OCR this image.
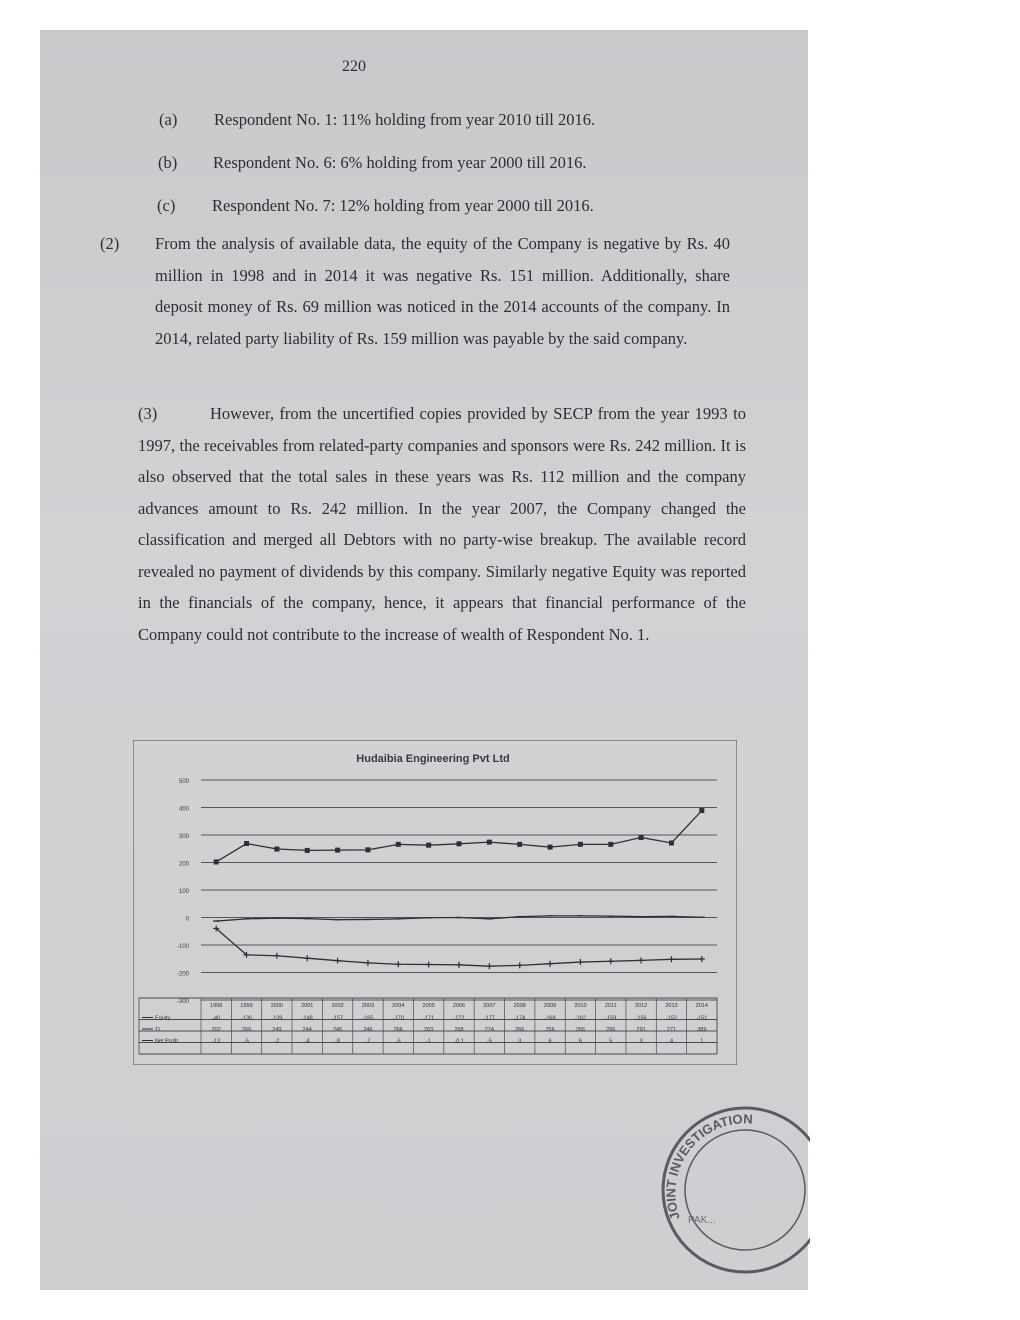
220
(a) Respondent No. 1: 11% holding from year 2010 till 2016.
(b) Respondent No. 6: 6% holding from year 2000 till 2016.
(c) Respondent No. 7: 12% holding from year 2000 till 2016.
(2) From the analysis of available data, the equity of the Company is negative by Rs. 40 million in 1998 and in 2014 it was negative Rs. 151 million. Additionally, share deposit money of Rs. 69 million was noticed in the 2014 accounts of the company. In 2014, related party liability of Rs. 159 million was payable by the said company.
(3)	However, from the uncertified copies provided by SECP from the year 1993 to 1997, the receivables from related-party companies and sponsors were Rs. 242 million. It is also observed that the total sales in these years was Rs. 112 million and the company advances amount to Rs. 242 million. In the year 2007, the Company changed the classification and merged all Debtors with no party-wise breakup. The available record revealed no payment of dividends by this company. Similarly negative Equity was reported in the financials of the company, hence, it appears that financial performance of the Company could not contribute to the increase of wealth of Respondent No. 1.
Hudaibia Engineering Pvt Ltd
500
400
300
200
100
0
-100
-200
-300
1998	1999	2000	2001	2002	2003	2004	2005	2006	2007	2008	2009	2010	2011	2012	2013	2014
Equity	-40	-136	-139	-148	-157	-165	-170	-171	-172	-177	-174	-168	-162	-159	-156	-152	-151
TL	202	269	249	244	245	246	266	263	268	274	266	256	266	266	291	271	389
Net Profit	-13	-5	-2	-4	-8	-7	-5	-1	-0.1	-5	3	6	6	5	3	4	1
JOINT INVESTIGATION
PAK...
